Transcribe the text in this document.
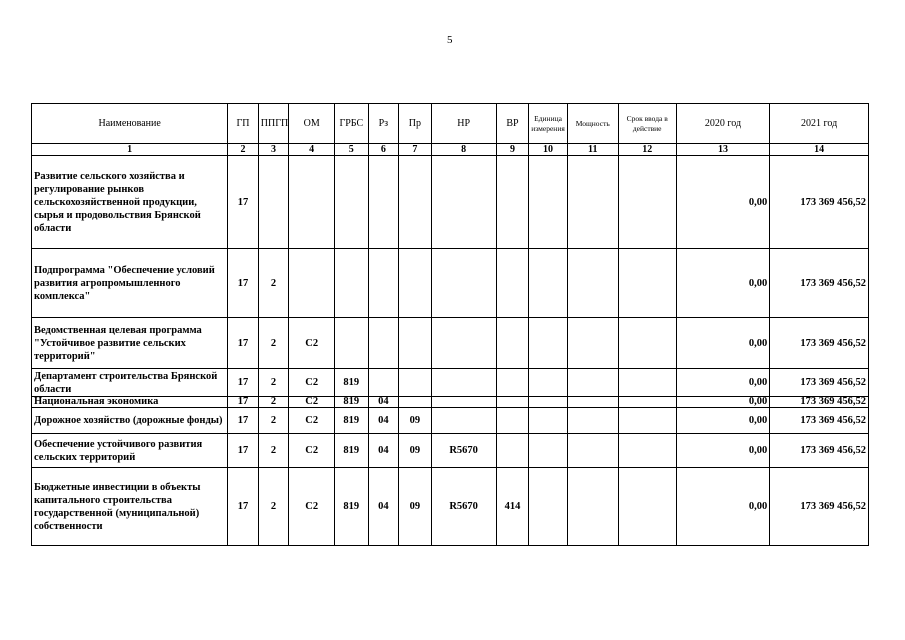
5
Наименование	ГП	ППГП	ОМ	ГРБС	Рз	Пр	НР	ВР	Единица измерения	Мощность	Срок ввода в действие	2020 год	2021 год
1	2	3	4	5	6	7	8	9	10	11	12	13	14
Развитие сельского хозяйства и регулирование рынков сельскохозяйственной продукции, сырья и продовольствия Брянской области	17											0,00	173 369 456,52
Подпрограмма "Обеспечение условий развития агропромышленного комплекса"	17	2										0,00	173 369 456,52
Ведомственная целевая программа "Устойчивое развитие сельских территорий"	17	2	С2									0,00	173 369 456,52
Департамент строительства Брянской области	17	2	С2	819								0,00	173 369 456,52
Национальная экономика	17	2	С2	819	04							0,00	173 369 456,52
Дорожное хозяйство (дорожные фонды)	17	2	С2	819	04	09						0,00	173 369 456,52
Обеспечение устойчивого развития сельских территорий	17	2	С2	819	04	09	R5670					0,00	173 369 456,52
Бюджетные инвестиции в объекты капитального строительства государственной (муниципальной) собственности	17	2	С2	819	04	09	R5670	414				0,00	173 369 456,52
